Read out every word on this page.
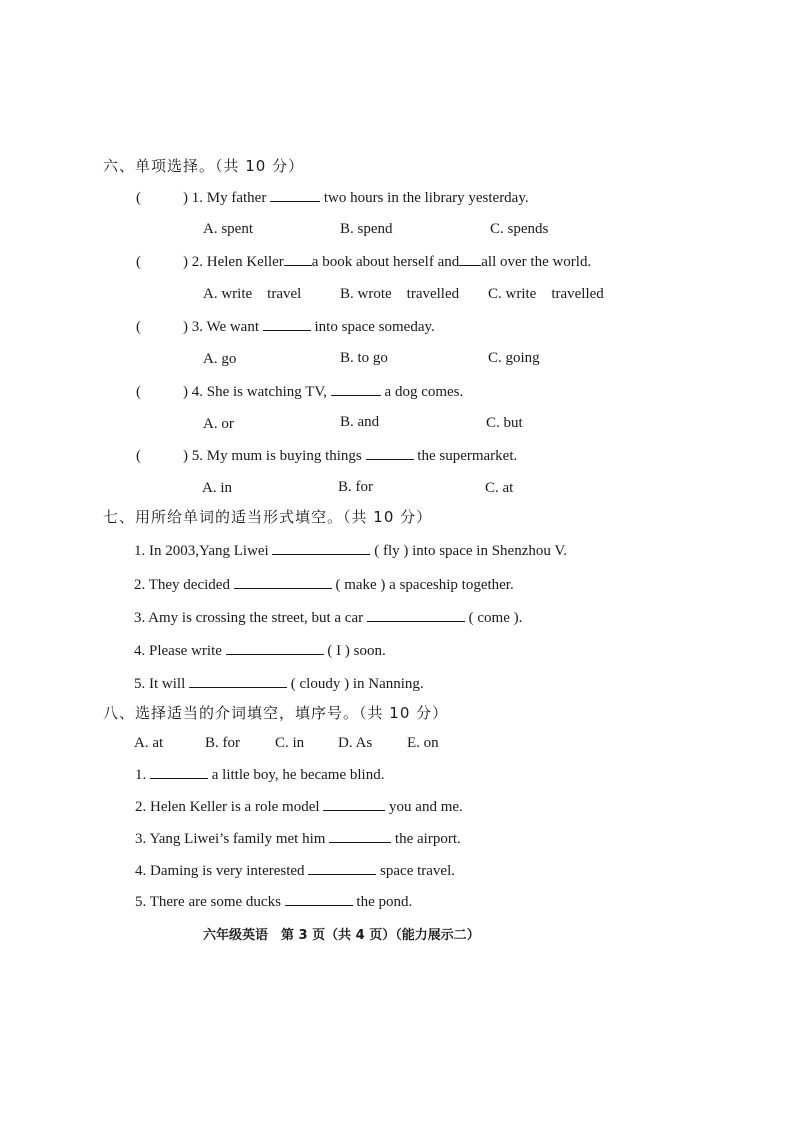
六、单项选择。（共 10 分）
(	) 1. My father	two hours in the library yesterday.
A. spent	B. spend	C. spends
(	) 2. Helen Keller a book about herself and all over the world.
A. write　travel	B. wrote　travelled C. write　travelled
(	) 3. We want	into space someday.
A. go	B. to go	C. going
(	) 4. She is watching TV,	a dog comes.
A. or	B. and	C. but
(	) 5. My mum is buying things	the supermarket.
A. in	B. for	C. at
七、用所给单词的适当形式填空。（共 10 分）
1. In 2003,Yang Liwei	( fly ) into space in Shenzhou V.
2. They decided	( make ) a spaceship together.
3. Amy is crossing the street, but a car	( come ).
4. Please write	( I ) soon.
5. It will	( cloudy ) in Nanning.
八、选择适当的介词填空，填序号。（共 10 分）
A. at	B. for C. in D. As E. on
1.	a little boy, he became blind.
2. Helen Keller is a role model	you and me.
3. Yang Liwei’s family met him	the airport.
4. Daming is very interested	space travel.
5. There are some ducks	the pond.
六年级英语　第 3 页（共 4 页）（能力展示二）
